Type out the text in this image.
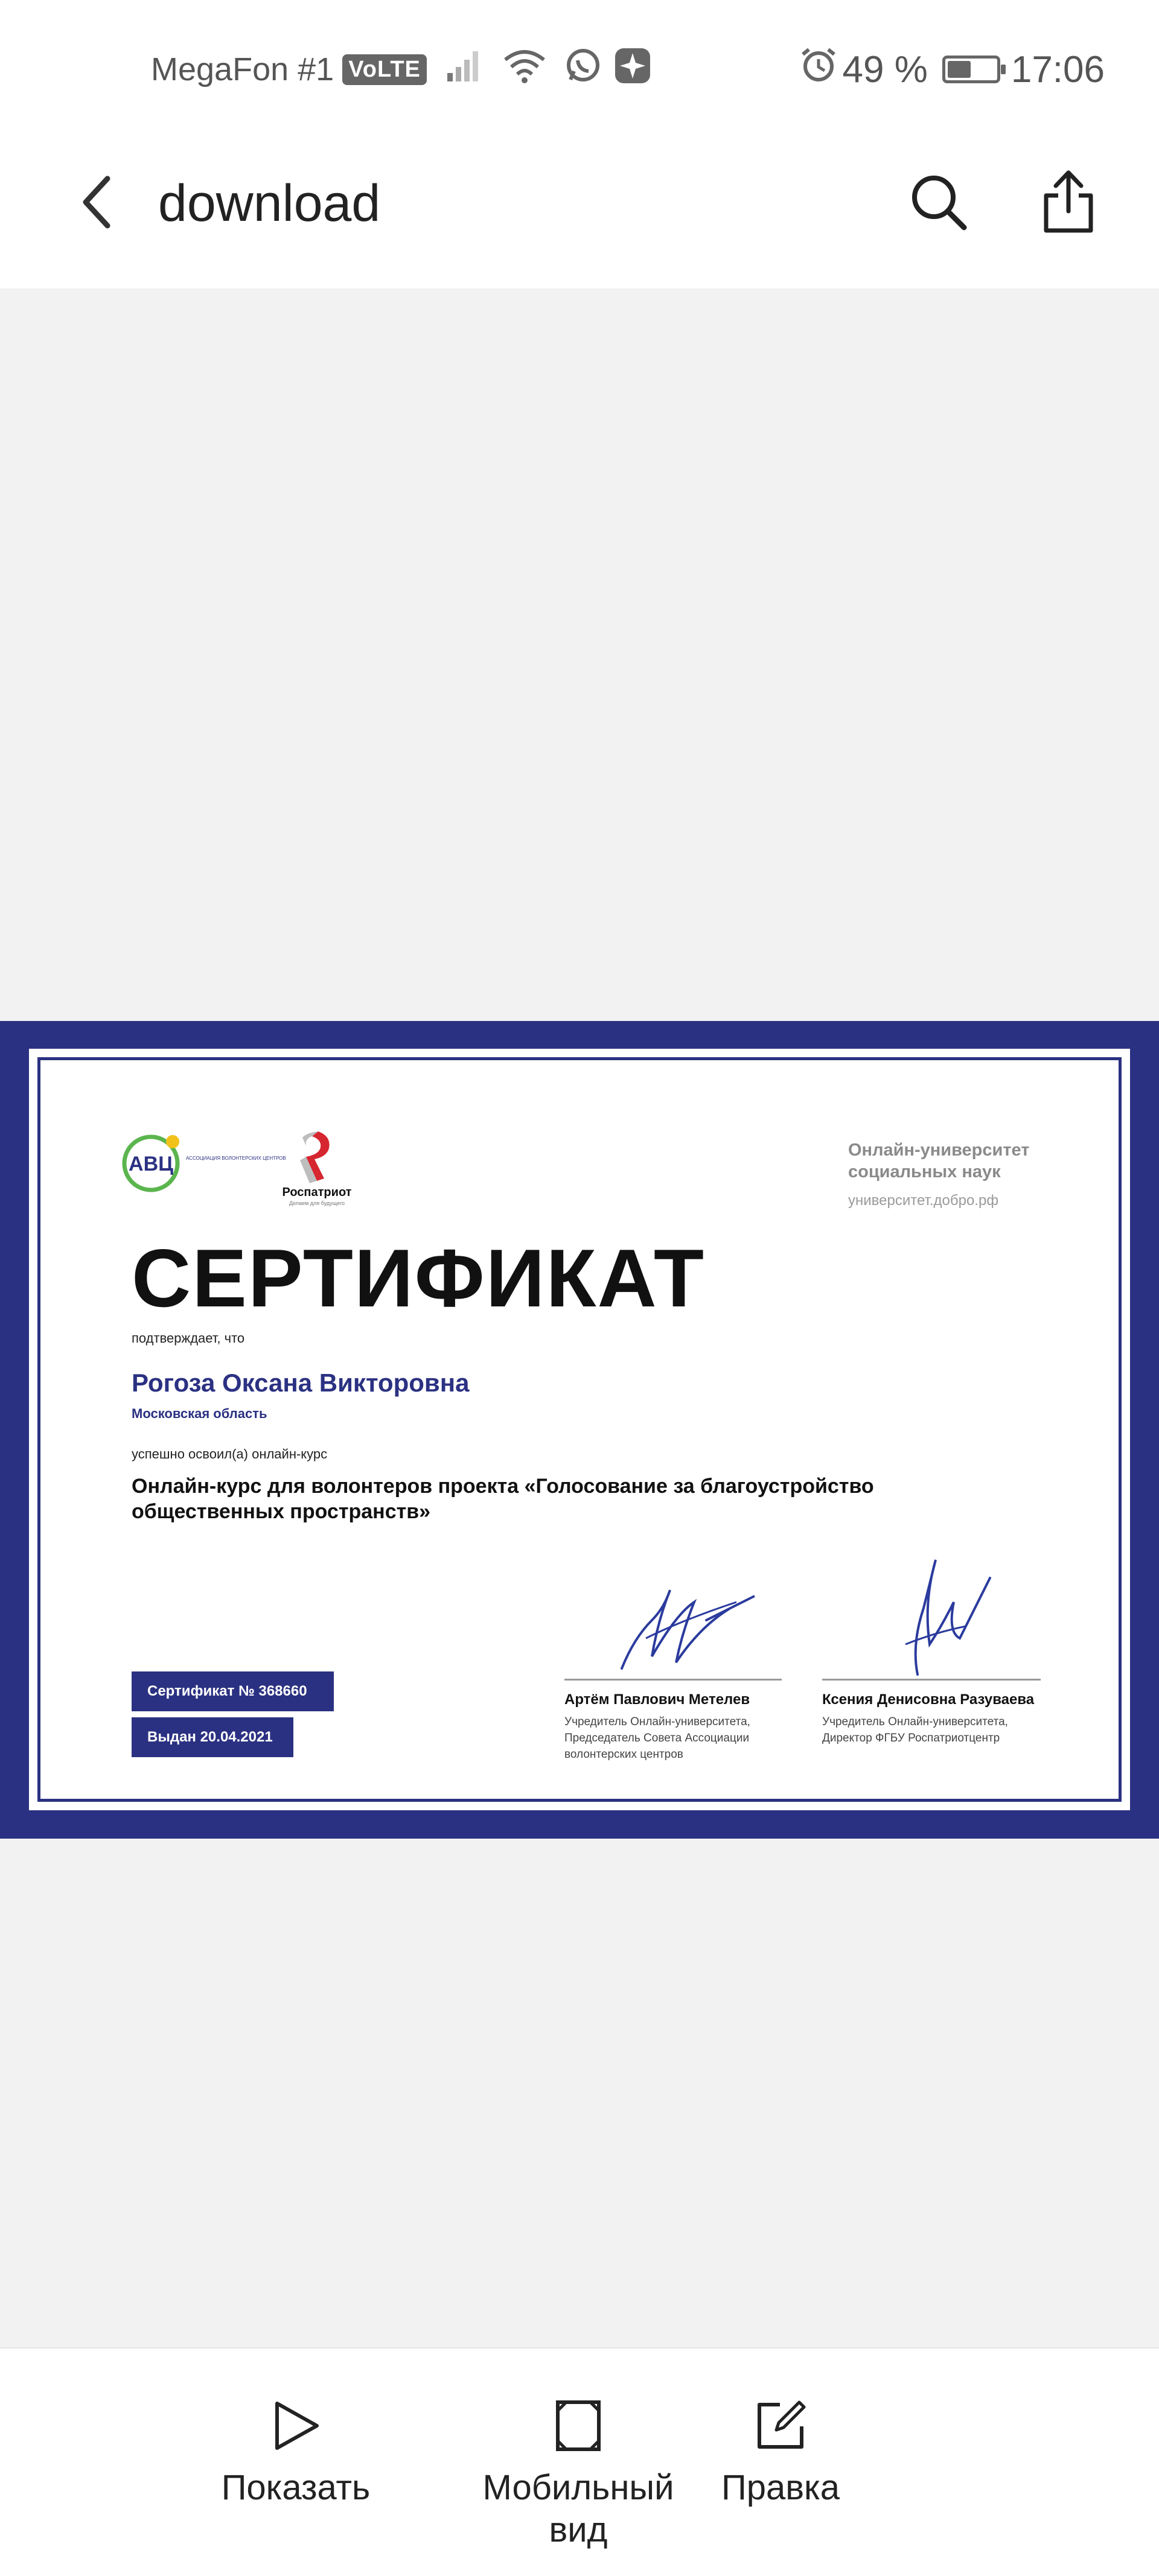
MegaFon #1 VoLTE	49 % 17:06
download
АВЦ	АССОЦИАЦИЯ ВОЛОНТЕРСКИХ ЦЕНТРОВ
Роспатриот
Делаем для будущего
Онлайн-университет социальных наук
университет.добро.рф
СЕРТИФИКАТ
подтверждает, что
Рогоза Оксана Викторовна
Московская область
успешно освоил(а) онлайн-курс
Онлайн-курс для волонтеров проекта «Голосование за благоустройство общественных пространств»
Сертификат № 368660
Выдан 20.04.2021
Артём Павлович Метелев
Учредитель Онлайн-университета, Председатель Совета Ассоциации волонтерских центров
Ксения Денисовна Разуваева
Учредитель Онлайн-университета, Директор ФГБУ Роспатриотцентр
Показать	Мобильный вид
Правка
